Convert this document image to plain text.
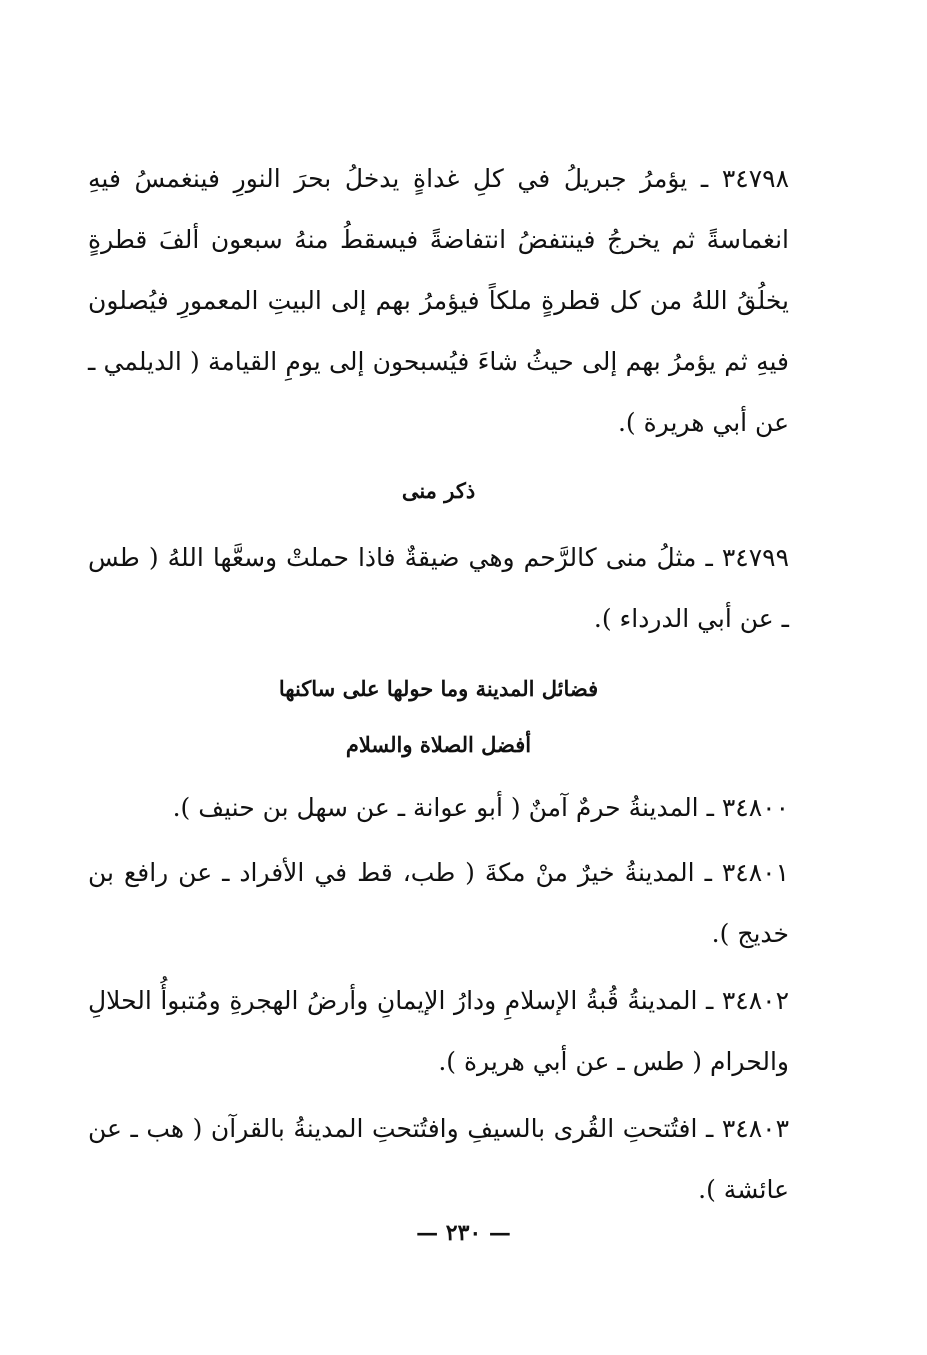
٣٤٧٩٨ ـ يؤمرُ جبريلُ في كلِ غداةٍ يدخلُ بحرَ النورِ فينغمسُ فيهِ انغماسةً ثم يخرجُ فينتفضُ انتفاضةً فيسقطُ منهُ سبعون ألفَ قطرةٍ يخلُقُ اللهُ من كل قطرةٍ ملكاً فيؤمرُ بهم إلى البيتِ المعمورِ فيُصلون فيهِ ثم يؤمرُ بهم إلى حيثُ شاءَ فيُسبحون إلى يومِ القيامة ( الديلمي ـ عن أبي هريرة ).

ذكر منى

٣٤٧٩٩ ـ مثلُ منى كالرَّحم وهي ضيقةٌ فاذا حملتْ وسعَّها اللهُ ( طس ـ عن أبي الدرداء ).

فضائل المدينة وما حولها على ساكنها
أفضل الصلاة والسلام

٣٤٨٠٠ ـ المدينةُ حرمٌ آمنٌ ( أبو عوانة ـ عن سهل بن حنيف ).

٣٤٨٠١ ـ المدينةُ خيرٌ منْ مكةَ ( طب، قط في الأفراد ـ عن رافع بن خديج ).

٣٤٨٠٢ ـ المدينةُ قُبةُ الإسلامِ ودارُ الإيمانِ وأرضُ الهجرةِ ومُتبوأُ الحلالِ والحرام ( طس ـ عن أبي هريرة ).

٣٤٨٠٣ ـ افتُتحتِ القُرى بالسيفِ وافتُتحتِ المدينةُ بالقرآن ( هب ـ عن عائشة ).

— ٢٣٠ —
